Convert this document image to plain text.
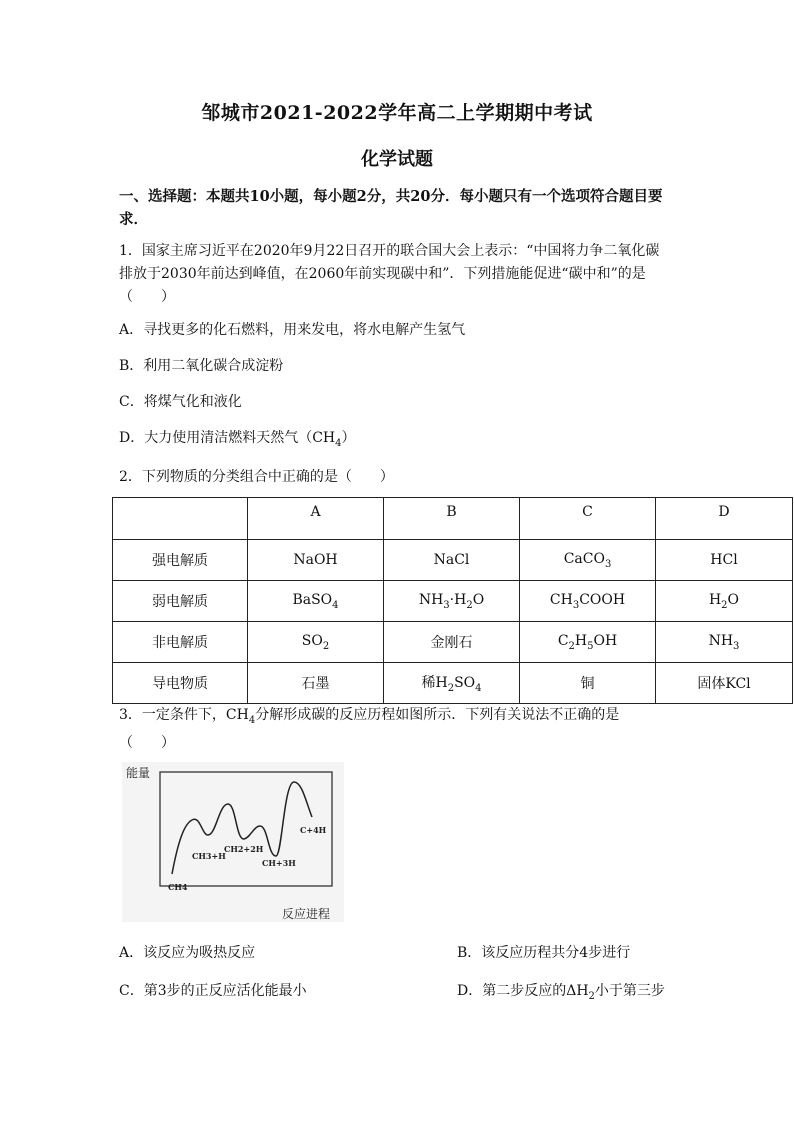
邹城市2021-2022学年高二上学期期中考试
化学试题
一、选择题：本题共10小题，每小题2分，共20分．每小题只有一个选项符合题目要
求．
1．国家主席习近平在2020年9月22日召开的联合国大会上表示：“中国将力争二氧化碳
排放于2030年前达到峰值，在2060年前实现碳中和”．下列措施能促进“碳中和”的是
（　　）
A．寻找更多的化石燃料，用来发电，将水电解产生氢气
B．利用二氧化碳合成淀粉
C．将煤气化和液化
D．大力使用清洁燃料天然气$(CH_4)$
2．下列物质的分类组合中正确的是（　　）
	A	B	C	D
强电解质	NaOH	NaCl	CaCO$_3$	HCl
弱电解质	BaSO$_4$	$NH_3\cdot H_2O$	$CH_3COOH$	$H_2O$
非电解质	$SO_2$	金刚石	$C_2H_5OH$	$NH_3$
导电物质	石墨	稀$H_2SO_4$	铜	固体KCl
3．一定条件下，$CH_4$分解形成碳的反应历程如图所示．下列有关说法不正确的是
（　　）
能量
反应进程
CH4
CH3+H
CH2+2H
CH+3H
C+4H
A．该反应为吸热反应	B．该反应历程共分4步进行
C．第3步的正反应活化能最小	D．第二步反应的$\Delta H_2$小于第三步
